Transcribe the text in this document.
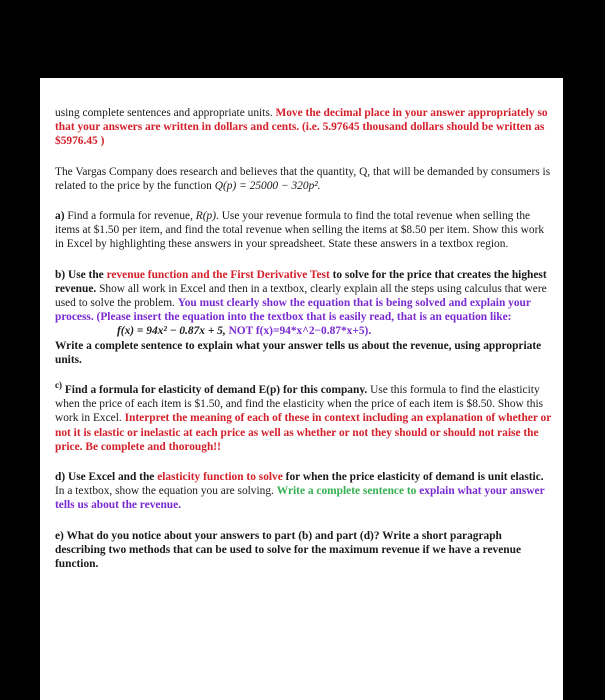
using complete sentences and appropriate units. Move the decimal place in your answer appropriately so that your answers are written in dollars and cents. (i.e. 5.97645 thousand dollars should be written as $5976.45 )

The Vargas Company does research and believes that the quantity, Q, that will be demanded by consumers is related to the price by the function Q(p) = 25000 − 320p².

a) Find a formula for revenue, R(p). Use your revenue formula to find the total revenue when selling the items at $1.50 per item, and find the total revenue when selling the items at $8.50 per item. Show this work in Excel by highlighting these answers in your spreadsheet. State these answers in a textbox region.

b) Use the revenue function and the First Derivative Test to solve for the price that creates the highest revenue. Show all work in Excel and then in a textbox, clearly explain all the steps using calculus that were used to solve the problem. You must clearly show the equation that is being solved and explain your process. (Please insert the equation into the textbox that is easily read, that is an equation like:

f(x) = 94x² − 0.87x + 5, NOT f(x)=94*x^2−0.87*x+5).

Write a complete sentence to explain what your answer tells us about the revenue, using appropriate units.

$^{c)}$ Find a formula for elasticity of demand E(p) for this company. Use this formula to find the elasticity when the price of each item is $1.50, and find the elasticity when the price of each item is $8.50. Show this work in Excel. Interpret the meaning of each of these in context including an explanation of whether or not it is elastic or inelastic at each price as well as whether or not they should or should not raise the price. Be complete and thorough!!

d) Use Excel and the elasticity function to solve for when the price elasticity of demand is unit elastic. In a textbox, show the equation you are solving. Write a complete sentence to explain what your answer tells us about the revenue.

e) What do you notice about your answers to part (b) and part (d)? Write a short paragraph describing two methods that can be used to solve for the maximum revenue if we have a revenue function.
